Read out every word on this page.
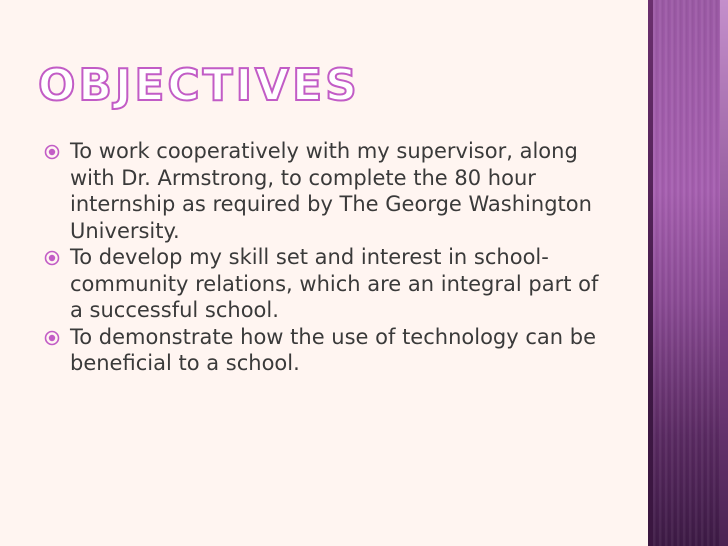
OBJECTIVES
To work cooperatively with my supervisor, along with Dr. Armstrong, to complete the 80 hour internship as required by The George Washington University.
To develop my skill set and interest in school-community relations, which are an integral part of a successful school.
To demonstrate how the use of technology can be beneficial to a school.
